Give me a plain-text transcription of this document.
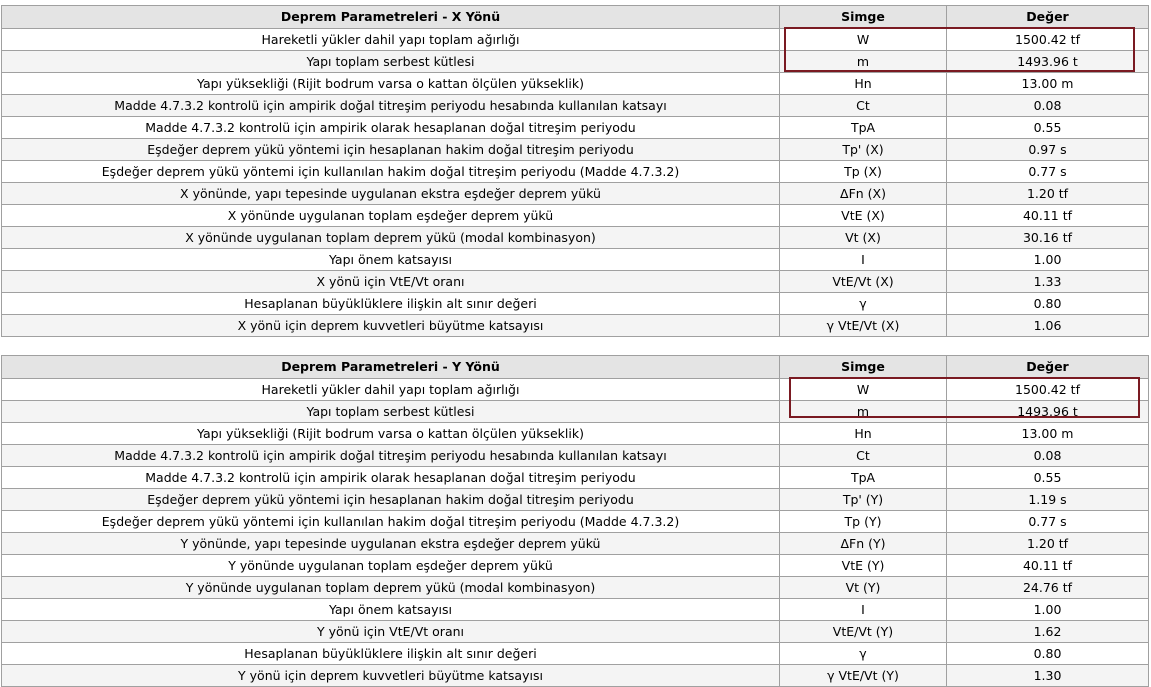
Deprem Parametreleri - X Yönü	Simge	Değer
Hareketli yükler dahil yapı toplam ağırlığı	W	1500.42 tf
Yapı toplam serbest kütlesi	m	1493.96 t
Yapı yüksekliği (Rijit bodrum varsa o kattan ölçülen yükseklik)	Hn	13.00 m
Madde 4.7.3.2 kontrolü için ampirik doğal titreşim periyodu hesabında kullanılan katsayı	Ct	0.08
Madde 4.7.3.2 kontrolü için ampirik olarak hesaplanan doğal titreşim periyodu	TpA	0.55
Eşdeğer deprem yükü yöntemi için hesaplanan hakim doğal titreşim periyodu	Tp' (X)	0.97 s
Eşdeğer deprem yükü yöntemi için kullanılan hakim doğal titreşim periyodu (Madde 4.7.3.2)	Tp (X)	0.77 s
X yönünde, yapı tepesinde uygulanan ekstra eşdeğer deprem yükü	ΔFn (X)	1.20 tf
X yönünde uygulanan toplam eşdeğer deprem yükü	VtE (X)	40.11 tf
X yönünde uygulanan toplam deprem yükü (modal kombinasyon)	Vt (X)	30.16 tf
Yapı önem katsayısı	I	1.00
X yönü için VtE/Vt oranı	VtE/Vt (X)	1.33
Hesaplanan büyüklüklere ilişkin alt sınır değeri	γ	0.80
X yönü için deprem kuvvetleri büyütme katsayısı	γ VtE/Vt (X)	1.06
Deprem Parametreleri - Y Yönü	Simge	Değer
Hareketli yükler dahil yapı toplam ağırlığı	W	1500.42 tf
Yapı toplam serbest kütlesi	m	1493.96 t
Yapı yüksekliği (Rijit bodrum varsa o kattan ölçülen yükseklik)	Hn	13.00 m
Madde 4.7.3.2 kontrolü için ampirik doğal titreşim periyodu hesabında kullanılan katsayı	Ct	0.08
Madde 4.7.3.2 kontrolü için ampirik olarak hesaplanan doğal titreşim periyodu	TpA	0.55
Eşdeğer deprem yükü yöntemi için hesaplanan hakim doğal titreşim periyodu	Tp' (Y)	1.19 s
Eşdeğer deprem yükü yöntemi için kullanılan hakim doğal titreşim periyodu (Madde 4.7.3.2)	Tp (Y)	0.77 s
Y yönünde, yapı tepesinde uygulanan ekstra eşdeğer deprem yükü	ΔFn (Y)	1.20 tf
Y yönünde uygulanan toplam eşdeğer deprem yükü	VtE (Y)	40.11 tf
Y yönünde uygulanan toplam deprem yükü (modal kombinasyon)	Vt (Y)	24.76 tf
Yapı önem katsayısı	I	1.00
Y yönü için VtE/Vt oranı	VtE/Vt (Y)	1.62
Hesaplanan büyüklüklere ilişkin alt sınır değeri	γ	0.80
Y yönü için deprem kuvvetleri büyütme katsayısı	γ VtE/Vt (Y)	1.30
